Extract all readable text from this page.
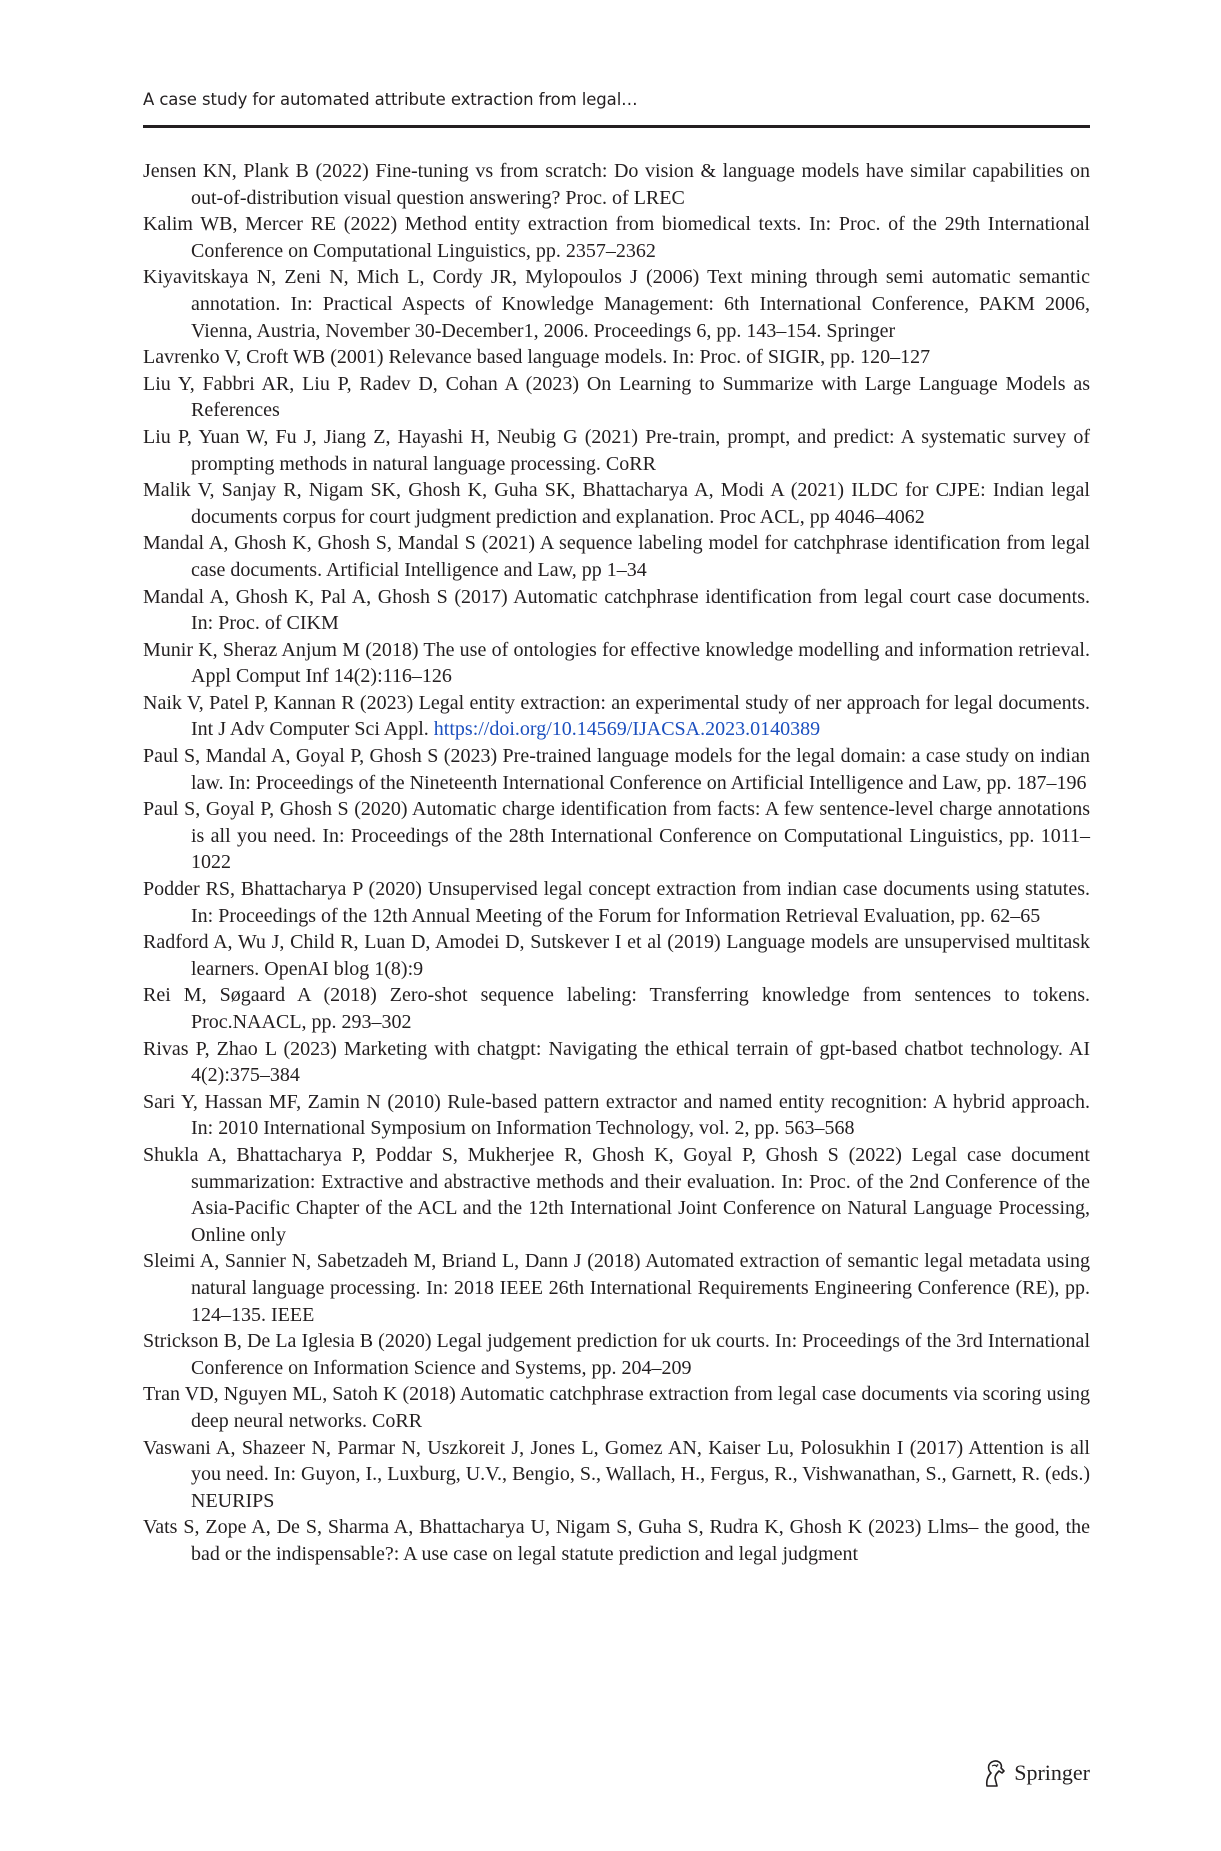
A case study for automated attribute extraction from legal…
Jensen KN, Plank B (2022) Fine-tuning vs from scratch: Do vision & language models have similar capabilities on out-of-distribution visual question answering? Proc. of LREC
Kalim WB, Mercer RE (2022) Method entity extraction from biomedical texts. In: Proc. of the 29th International Conference on Computational Linguistics, pp. 2357–2362
Kiyavitskaya N, Zeni N, Mich L, Cordy JR, Mylopoulos J (2006) Text mining through semi automatic semantic annotation. In: Practical Aspects of Knowledge Management: 6th International Conference, PAKM 2006, Vienna, Austria, November 30-December1, 2006. Proceedings 6, pp. 143–154. Springer
Lavrenko V, Croft WB (2001) Relevance based language models. In: Proc. of SIGIR, pp. 120–127
Liu Y, Fabbri AR, Liu P, Radev D, Cohan A (2023) On Learning to Summarize with Large Language Models as References
Liu P, Yuan W, Fu J, Jiang Z, Hayashi H, Neubig G (2021) Pre-train, prompt, and predict: A systematic survey of prompting methods in natural language processing. CoRR
Malik V, Sanjay R, Nigam SK, Ghosh K, Guha SK, Bhattacharya A, Modi A (2021) ILDC for CJPE: Indian legal documents corpus for court judgment prediction and explanation. Proc ACL, pp 4046–4062
Mandal A, Ghosh K, Ghosh S, Mandal S (2021) A sequence labeling model for catchphrase identification from legal case documents. Artificial Intelligence and Law, pp 1–34
Mandal A, Ghosh K, Pal A, Ghosh S (2017) Automatic catchphrase identification from legal court case documents. In: Proc. of CIKM
Munir K, Sheraz Anjum M (2018) The use of ontologies for effective knowledge modelling and information retrieval. Appl Comput Inf 14(2):116–126
Naik V, Patel P, Kannan R (2023) Legal entity extraction: an experimental study of ner approach for legal documents. Int J Adv Computer Sci Appl. https://doi.org/10.14569/IJACSA.2023.0140389
Paul S, Mandal A, Goyal P, Ghosh S (2023) Pre-trained language models for the legal domain: a case study on indian law. In: Proceedings of the Nineteenth International Conference on Artificial Intelligence and Law, pp. 187–196
Paul S, Goyal P, Ghosh S (2020) Automatic charge identification from facts: A few sentence-level charge annotations is all you need. In: Proceedings of the 28th International Conference on Computational Linguistics, pp. 1011–1022
Podder RS, Bhattacharya P (2020) Unsupervised legal concept extraction from indian case documents using statutes. In: Proceedings of the 12th Annual Meeting of the Forum for Information Retrieval Evaluation, pp. 62–65
Radford A, Wu J, Child R, Luan D, Amodei D, Sutskever I et al (2019) Language models are unsupervised multitask learners. OpenAI blog 1(8):9
Rei M, Søgaard A (2018) Zero-shot sequence labeling: Transferring knowledge from sentences to tokens. Proc.NAACL, pp. 293–302
Rivas P, Zhao L (2023) Marketing with chatgpt: Navigating the ethical terrain of gpt-based chatbot technology. AI 4(2):375–384
Sari Y, Hassan MF, Zamin N (2010) Rule-based pattern extractor and named entity recognition: A hybrid approach. In: 2010 International Symposium on Information Technology, vol. 2, pp. 563–568
Shukla A, Bhattacharya P, Poddar S, Mukherjee R, Ghosh K, Goyal P, Ghosh S (2022) Legal case document summarization: Extractive and abstractive methods and their evaluation. In: Proc. of the 2nd Conference of the Asia-Pacific Chapter of the ACL and the 12th International Joint Conference on Natural Language Processing, Online only
Sleimi A, Sannier N, Sabetzadeh M, Briand L, Dann J (2018) Automated extraction of semantic legal metadata using natural language processing. In: 2018 IEEE 26th International Requirements Engineering Conference (RE), pp. 124–135. IEEE
Strickson B, De La Iglesia B (2020) Legal judgement prediction for uk courts. In: Proceedings of the 3rd International Conference on Information Science and Systems, pp. 204–209
Tran VD, Nguyen ML, Satoh K (2018) Automatic catchphrase extraction from legal case documents via scoring using deep neural networks. CoRR
Vaswani A, Shazeer N, Parmar N, Uszkoreit J, Jones L, Gomez AN, Kaiser Lu, Polosukhin I (2017) Attention is all you need. In: Guyon, I., Luxburg, U.V., Bengio, S., Wallach, H., Fergus, R., Vishwanathan, S., Garnett, R. (eds.) NEURIPS
Vats S, Zope A, De S, Sharma A, Bhattacharya U, Nigam S, Guha S, Rudra K, Ghosh K (2023) Llms– the good, the bad or the indispensable?: A use case on legal statute prediction and legal judgment
Springer
